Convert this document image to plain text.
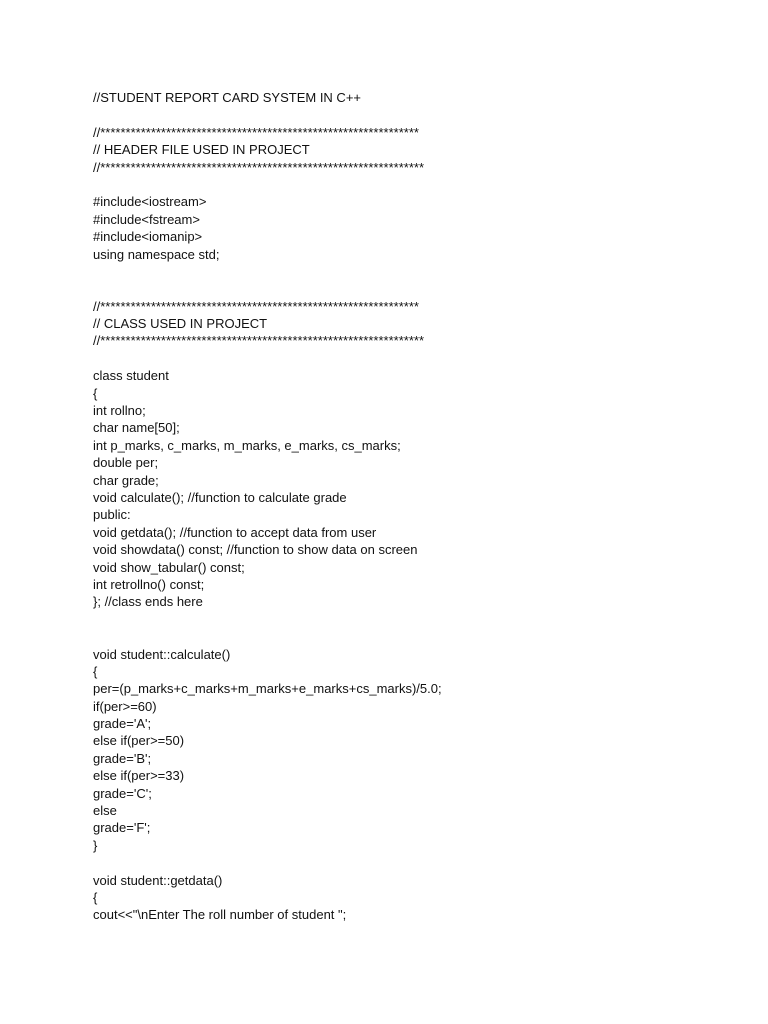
//STUDENT REPORT CARD SYSTEM IN C++
//***************************************************************
// HEADER FILE USED IN PROJECT
//****************************************************************
#include<iostream>
#include<fstream>
#include<iomanip>
using namespace std;
//***************************************************************
// CLASS USED IN PROJECT
//****************************************************************
class student
{
int rollno;
char name[50];
int p_marks, c_marks, m_marks, e_marks, cs_marks;
double per;
char grade;
void calculate(); //function to calculate grade
public:
void getdata(); //function to accept data from user
void showdata() const; //function to show data on screen
void show_tabular() const;
int retrollno() const;
}; //class ends here
void student::calculate()
{
per=(p_marks+c_marks+m_marks+e_marks+cs_marks)/5.0;
if(per>=60)
grade='A';
else if(per>=50)
grade='B';
else if(per>=33)
grade='C';
else
grade='F';
}
void student::getdata()
{
cout<<"\nEnter The roll number of student ";
